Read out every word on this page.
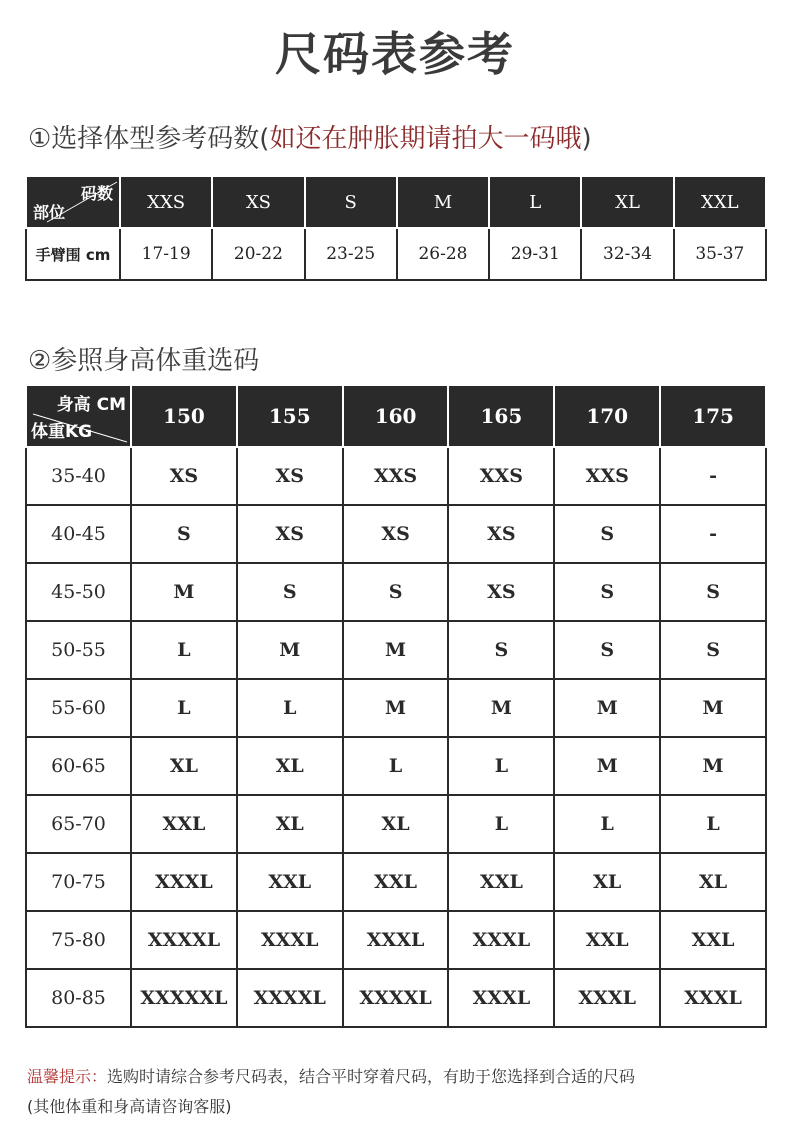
尺码表参考
①选择体型参考码数(如还在肿胀期请拍大一码哦)
码数
部位	XXS	XS	S	M	L	XL	XXL
手臂围 cm	17-19	20-22	23-25	26-28	29-31	32-34	35-37
②参照身高体重选码
身高 CM
体重KG	150	155	160	165	170	175
35-40	XS	XS	XXS	XXS	XXS	-
40-45	S	XS	XS	XS	S	-
45-50	M	S	S	XS	S	S
50-55	L	M	M	S	S	S
55-60	L	L	M	M	M	M
60-65	XL	XL	L	L	M	M
65-70	XXL	XL	XL	L	L	L
70-75	XXXL	XXL	XXL	XXL	XL	XL
75-80	XXXXL	XXXL	XXXL	XXXL	XXL	XXL
80-85	XXXXXL	XXXXL	XXXXL	XXXL	XXXL	XXXL
温馨提示：选购时请综合参考尺码表，结合平时穿着尺码，有助于您选择到合适的尺码
(其他体重和身高请咨询客服)
